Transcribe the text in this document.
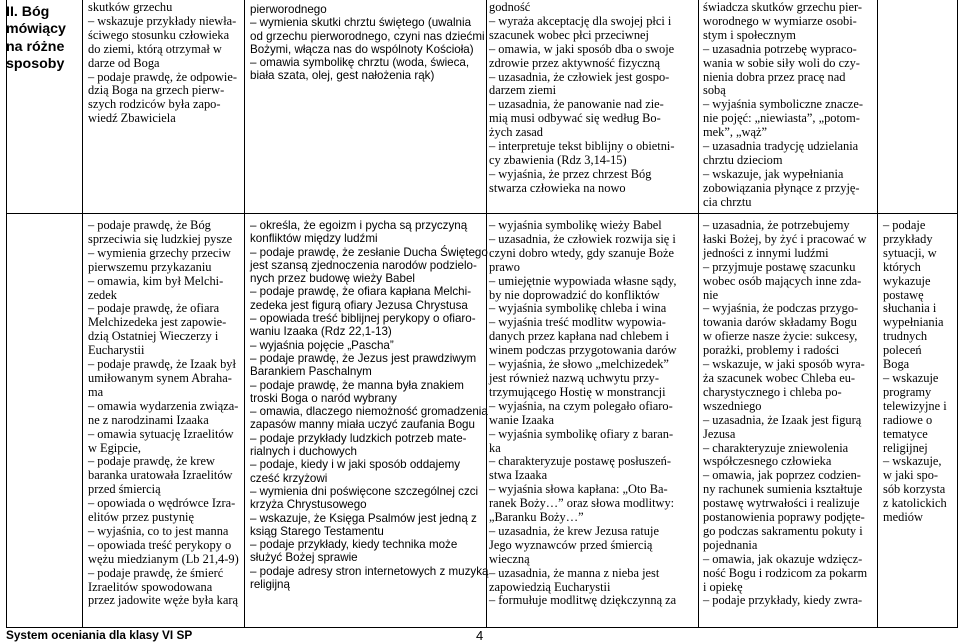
II. Bóg
mówiący
na różne
sposoby
skutków grzechu
– wskazuje przykłady niewła-
ściwego stosunku człowieka
do ziemi, którą otrzymał w
darze od Boga
– podaje prawdę, że odpowie-
dzią Boga na grzech pierw-
szych rodziców była zapo-
wiedź Zbawiciela
– podaje prawdę, że Bóg
sprzeciwia się ludzkiej pysze
– wymienia grzechy przeciw
pierwszemu przykazaniu
– omawia, kim był Melchi-
zedek
– podaje prawdę, że ofiara
Melchizedeka jest zapowie-
dzią Ostatniej Wieczerzy i
Eucharystii
– podaje prawdę, że Izaak był
umiłowanym synem Abraha-
ma
– omawia wydarzenia związa-
ne z narodzinami Izaaka
– omawia sytuację Izraelitów
w Egipcie,
– podaje prawdę, że krew
baranka uratowała Izraelitów
przed śmiercią
– opowiada o wędrówce Izra-
elitów przez pustynię
– wyjaśnia, co to jest manna
– opowiada treść perykopy o
wężu miedzianym (Lb 21,4-9)
– podaje prawdę, że śmierć
Izraelitów spowodowana
przez jadowite węże była karą
pierworodnego
– wymienia skutki chrztu świętego (uwalnia
od grzechu pierworodnego, czyni nas dziećmi
Bożymi, włącza nas do wspólnoty Kościoła)
– omawia symbolikę chrztu (woda, świeca,
biała szata, olej, gest nałożenia rąk)
– określa, że egoizm i pycha są przyczyną
konfliktów między ludźmi
– podaje prawdę, że zesłanie Ducha Świętego
jest szansą zjednoczenia narodów podzielo-
nych przez budowę wieży Babel
– podaje prawdę, że ofiara kapłana Melchi-
zedeka jest figurą ofiary Jezusa Chrystusa
– opowiada treść biblijnej perykopy o ofiaro-
waniu Izaaka (Rdz 22,1-13)
– wyjaśnia pojęcie „Pascha”
– podaje prawdę, że Jezus jest prawdziwym
Barankiem Paschalnym
– podaje prawdę, że manna była znakiem
troski Boga o naród wybrany
– omawia, dlaczego niemożność gromadzenia
zapasów manny miała uczyć zaufania Bogu
– podaje przykłady ludzkich potrzeb mate-
rialnych i duchowych
– podaje, kiedy i w jaki sposób oddajemy
cześć krzyżowi
– wymienia dni poświęcone szczególnej czci
krzyża Chrystusowego
– wskazuje, że Księga Psalmów jest jedną z
ksiąg Starego Testamentu
– podaje przykłady, kiedy technika może
służyć Bożej sprawie
– podaje adresy stron internetowych z muzyką
religijną
godność
– wyraża akceptację dla swojej płci i
szacunek wobec płci przeciwnej
– omawia, w jaki sposób dba o swoje
zdrowie przez aktywność fizyczną
– uzasadnia, że człowiek jest gospo-
darzem ziemi
– uzasadnia, że panowanie nad zie-
mią musi odbywać się według Bo-
żych zasad
– interpretuje tekst biblijny o obietni-
cy zbawienia (Rdz 3,14-15)
– wyjaśnia, że przez chrzest Bóg
stwarza człowieka na nowo
– wyjaśnia symbolikę wieży Babel
– uzasadnia, że człowiek rozwija się i
czyni dobro wtedy, gdy szanuje Boże
prawo
– umiejętnie wypowiada własne sądy,
by nie doprowadzić do konfliktów
– wyjaśnia symbolikę chleba i wina
– wyjaśnia treść modlitw wypowia-
danych przez kapłana nad chlebem i
winem podczas przygotowania darów
– wyjaśnia, że słowo „melchizedek”
jest również nazwą uchwytu przy-
trzymującego Hostię w monstrancji
– wyjaśnia, na czym polegało ofiaro-
wanie Izaaka
– wyjaśnia symbolikę ofiary z baran-
ka
– charakteryzuje postawę posłuszeń-
stwa Izaaka
– wyjaśnia słowa kapłana: „Oto Ba-
ranek Boży…” oraz słowa modlitwy:
„Baranku Boży…”
– uzasadnia, że krew Jezusa ratuje
Jego wyznawców przed śmiercią
wieczną
– uzasadnia, że manna z nieba jest
zapowiedzią Eucharystii
– formułuje modlitwę dziękczynną za
świadcza skutków grzechu pier-
worodnego w wymiarze osobi-
stym i społecznym
– uzasadnia potrzebę wypraco-
wania w sobie siły woli do czy-
nienia dobra przez pracę nad
sobą
– wyjaśnia symboliczne znacze-
nie pojęć: „niewiasta”, „potom-
mek”, „wąż”
– uzasadnia tradycję udzielania
chrztu dzieciom
– wskazuje, jak wypełniania
zobowiązania płynące z przyję-
cia chrztu
– uzasadnia, że potrzebujemy
łaski Bożej, by żyć i pracować w
jedności z innymi ludźmi
– przyjmuje postawę szacunku
wobec osób mających inne zda-
nie
– wyjaśnia, że podczas przygo-
towania darów składamy Bogu
w ofierze nasze życie: sukcesy,
porażki, problemy i radości
– wskazuje, w jaki sposób wyra-
ża szacunek wobec Chleba eu-
charystycznego i chleba po-
wszedniego
– uzasadnia, że Izaak jest figurą
Jezusa
– charakteryzuje zniewolenia
współczesnego człowieka
– omawia, jak poprzez codzien-
ny rachunek sumienia kształtuje
postawę wytrwałości i realizuje
postanowienia poprawy podjęte-
go podczas sakramentu pokuty i
pojednania
– omawia, jak okazuje wdzięcz-
ność Bogu i rodzicom za pokarm
i opiekę
– podaje przykłady, kiedy zwra-
– podaje
przykłady
sytuacji, w
których
wykazuje
postawę
słuchania i
wypełniania
trudnych
poleceń
Boga
– wskazuje
programy
telewizyjne i
radiowe o
tematyce
religijnej
– wskazuje,
w jaki spo-
sób korzysta
z katolickich
mediów
System oceniania dla klasy VI SP	4
